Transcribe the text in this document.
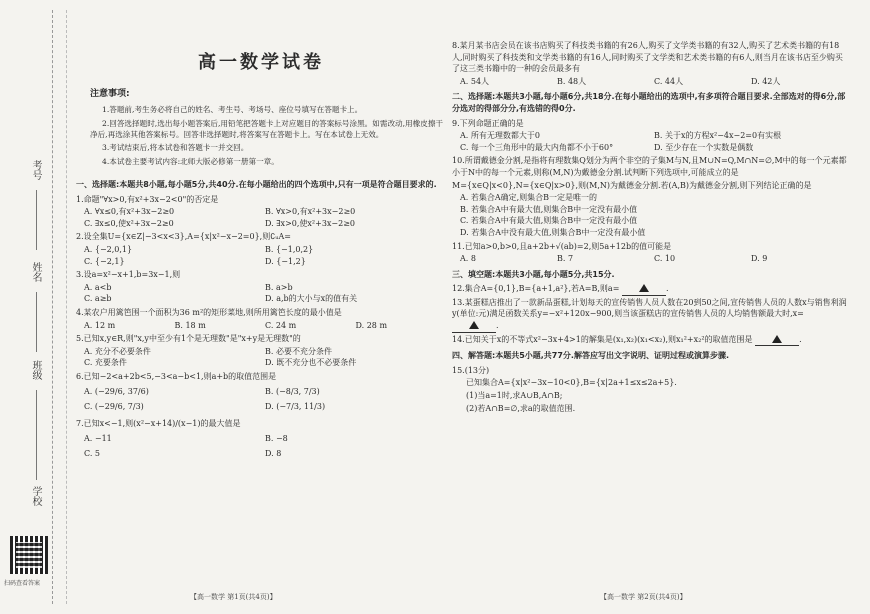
考号
姓名
班级
学校
扫码查看答案
高一数学试卷
注意事项:

1.答题前,考生务必将自己的姓名、考生号、考场号、座位号填写在答题卡上。

2.回答选择题时,选出每小题答案后,用铅笔把答题卡上对应题目的答案标号涂黑。如需改动,用橡皮擦干净后,再选涂其他答案标号。回答非选择题时,将答案写在答题卡上。写在本试卷上无效。

3.考试结束后,将本试卷和答题卡一并交回。

4.本试卷主要考试内容:北师大版必修第一册第一章。

一、选择题:本题共8小题,每小题5分,共40分.在每小题给出的四个选项中,只有一项是符合题目要求的.
1.命题"∀x>0,有x²+3x−2<0"的否定是
A. ∀x≤0,有x²+3x−2≥0	B. ∀x>0,有x²+3x−2≥0
C. ∃x≤0,使x²+3x−2≥0	D. ∃x>0,使x²+3x−2≥0
2.设全集U={x∈Z|−3<x<3},A={x|x²−x−2=0},则∁ᵤA=
A. {−2,0,1}	B. {−1,0,2}
C. {−2,1}	D. {−1,2}
3.设a=x²−x+1,b=3x−1,则
A. a<b	B. a>b
C. a≥b	D. a,b的大小与x的值有关
4.某农户用篱笆围一个面积为36 m²的矩形菜地,则所用篱笆长度的最小值是
A. 12 m	B. 18 m	C. 24 m	D. 28 m
5.已知x,y∈R,则"x,y中至少有1个是无理数"是"x+y是无理数"的
A. 充分不必要条件	B. 必要不充分条件
C. 充要条件	D. 既不充分也不必要条件
6.已知−2<a+2b<5,−3<a−b<1,则a+b的取值范围是
A. (−29/6, 37/6)	B. (−8/3, 7/3)
C. (−29/6, 7/3)	D. (−7/3, 11/3)
7.已知x<−1,则(x²−x+14)/(x−1)的最大值是
A. −11	B. −8
C. 5	D. 8
【高一数学 第1页(共4页)】
8.某月某书店会员在该书店购买了科技类书籍的有26人,购买了文学类书籍的有32人,购买了艺术类书籍的有18人,同时购买了科技类和文学类书籍的有16人,同时购买了文学类和艺术类书籍的有6人,则当月在该书店至少购买了这三类书籍中的一种的会员最多有
A. 54人	B. 48人	C. 44人	D. 42人
二、选择题:本题共3小题,每小题6分,共18分.在每小题给出的选项中,有多项符合题目要求.全部选对的得6分,部分选对的得部分分,有选错的得0分.
9.下列命题正确的是
A. 所有无理数都大于0	B. 关于x的方程x²−4x−2=0有实根
C. 每一个三角形中的最大内角都不小于60°	D. 至少存在一个实数是偶数
10.所谓戴德金分割,是指将有理数集Q划分为两个非空的子集M与N,且M∪N=Q,M∩N=∅,M中的每一个元素都小于N中的每一个元素,则称(M,N)为戴德金分割.试判断下列选项中,可能成立的是
M={x∈Q|x<0},N={x∈Q|x>0},则(M,N)为戴德金分割.若(A,B)为戴德金分割,则下列结论正确的是
A. 若集合A确定,则集合B一定是唯一的
B. 若集合A中有最大值,则集合B中一定没有最小值
C. 若集合A中有最大值,则集合B中一定没有最小值
D. 若集合A中没有最大值,则集合B中一定没有最小值
11.已知a>0,b>0,且a+2b+√(ab)=2,则5a+12b的值可能是
A. 8	B. 7	C. 10	D. 9
三、填空题:本题共3小题,每小题5分,共15分.
12.集合A={0,1},B={a+1,a²},若A=B,则a=	.
13.某蛋糕店推出了一款新品蛋糕,计划每天的宣传销售人员人数在20到50之间,宣传销售人员的人数x与销售利润y(单位:元)满足函数关系y=−x²+120x−900,则当该蛋糕店的宣传销售人员的人均销售额最大时,x= .
14.已知关于x的不等式x²−3x+4>1的解集是(x₁,x₂)(x₁<x₂),则x₁²+x₂²的取值范围是	.
四、解答题:本题共5小题,共77分.解答应写出文字说明、证明过程或演算步骤.
15.(13分)
已知集合A={x|x²−3x−10<0},B={x|2a+1≤x≤2a+5}.
(1)当a=1时,求A∪B,A∩B;
(2)若A∩B=∅,求a的取值范围.
【高一数学 第2页(共4页)】
